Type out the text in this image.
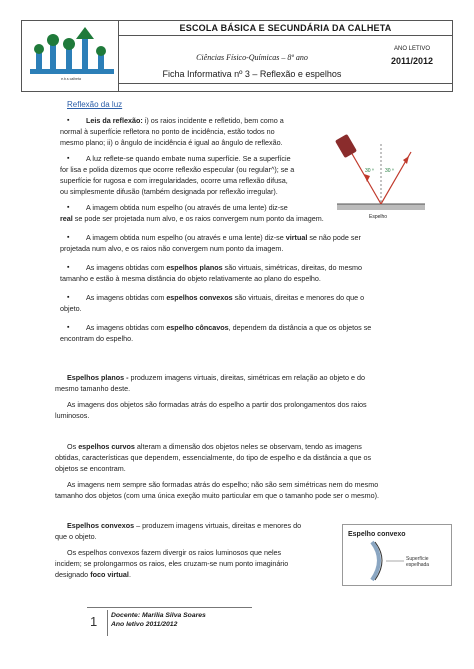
e.b.s calheta
ESCOLA BÁSICA E SECUNDÁRIA DA CALHETA
Ciências Físico-Químicas – 8º ano
Ficha Informativa nº 3 – Reflexão e espelhos
ANO LETIVO
2011/2012
Reflexão da luz
▪ Leis da reflexão: i) os raios incidente e refletido, bem como a
normal à superfície refletora no ponto de incidência, estão todos no
mesmo plano; ii) o ângulo de incidência é igual ao ângulo de reflexão.
▪ A luz reflete-se quando embate numa superfície. Se a superfície
for lisa e polida dizemos que ocorre reflexão especular (ou regular^); se a
superfície for rugosa e com irregularidades, ocorre uma reflexão difusa,
ou simplesmente difusão (também designada por reflexão irregular).
▪ A imagem obtida num espelho (ou através de uma lente) diz-se
real se pode ser projetada num alvo, e os raios convergem num ponto da imagem.
▪ A imagem obtida num espelho (ou através e uma lente) diz-se virtual se não pode ser
projetada num alvo, e os raios não convergem num ponto da imagem.
▪ As imagens obtidas com espelhos planos são virtuais, simétricas, direitas, do mesmo
tamanho e estão à mesma distância do objeto relativamente ao plano do espelho.
▪ As imagens obtidas com espelhos convexos são virtuais, direitas e menores do que o
objeto.
▪ As imagens obtidas com espelho côncavos, dependem da distância a que os objetos se
encontram do espelho.
30 º 30 º
Espelho
Espelhos planos - produzem imagens virtuais, direitas, simétricas em relação ao objeto e do
mesmo tamanho deste.
As imagens dos objetos são formadas atrás do espelho a partir dos prolongamentos dos raios
luminosos.
Os espelhos curvos alteram a dimensão dos objetos neles se observam, tendo as imagens
obtidas, características que dependem, essencialmente, do tipo de espelho e da distância a que os
objetos se encontram.
As imagens nem sempre são formadas atrás do espelho; não são sem simétricas nem do mesmo
tamanho dos objetos (com uma única exeção muito particular em que o tamanho pode ser o mesmo).
Espelhos convexos – produzem imagens virtuais, direitas e menores do
que o objeto.
Os espelhos convexos fazem divergir os raios luminosos que neles
incidem; se prolongarmos os raios, eles cruzam-se num ponto imaginário
designado foco virtual.
Espelho convexo
Superfície
espelhada
1 Docente: Marília Silva Soares
Ano letivo 2011/2012
